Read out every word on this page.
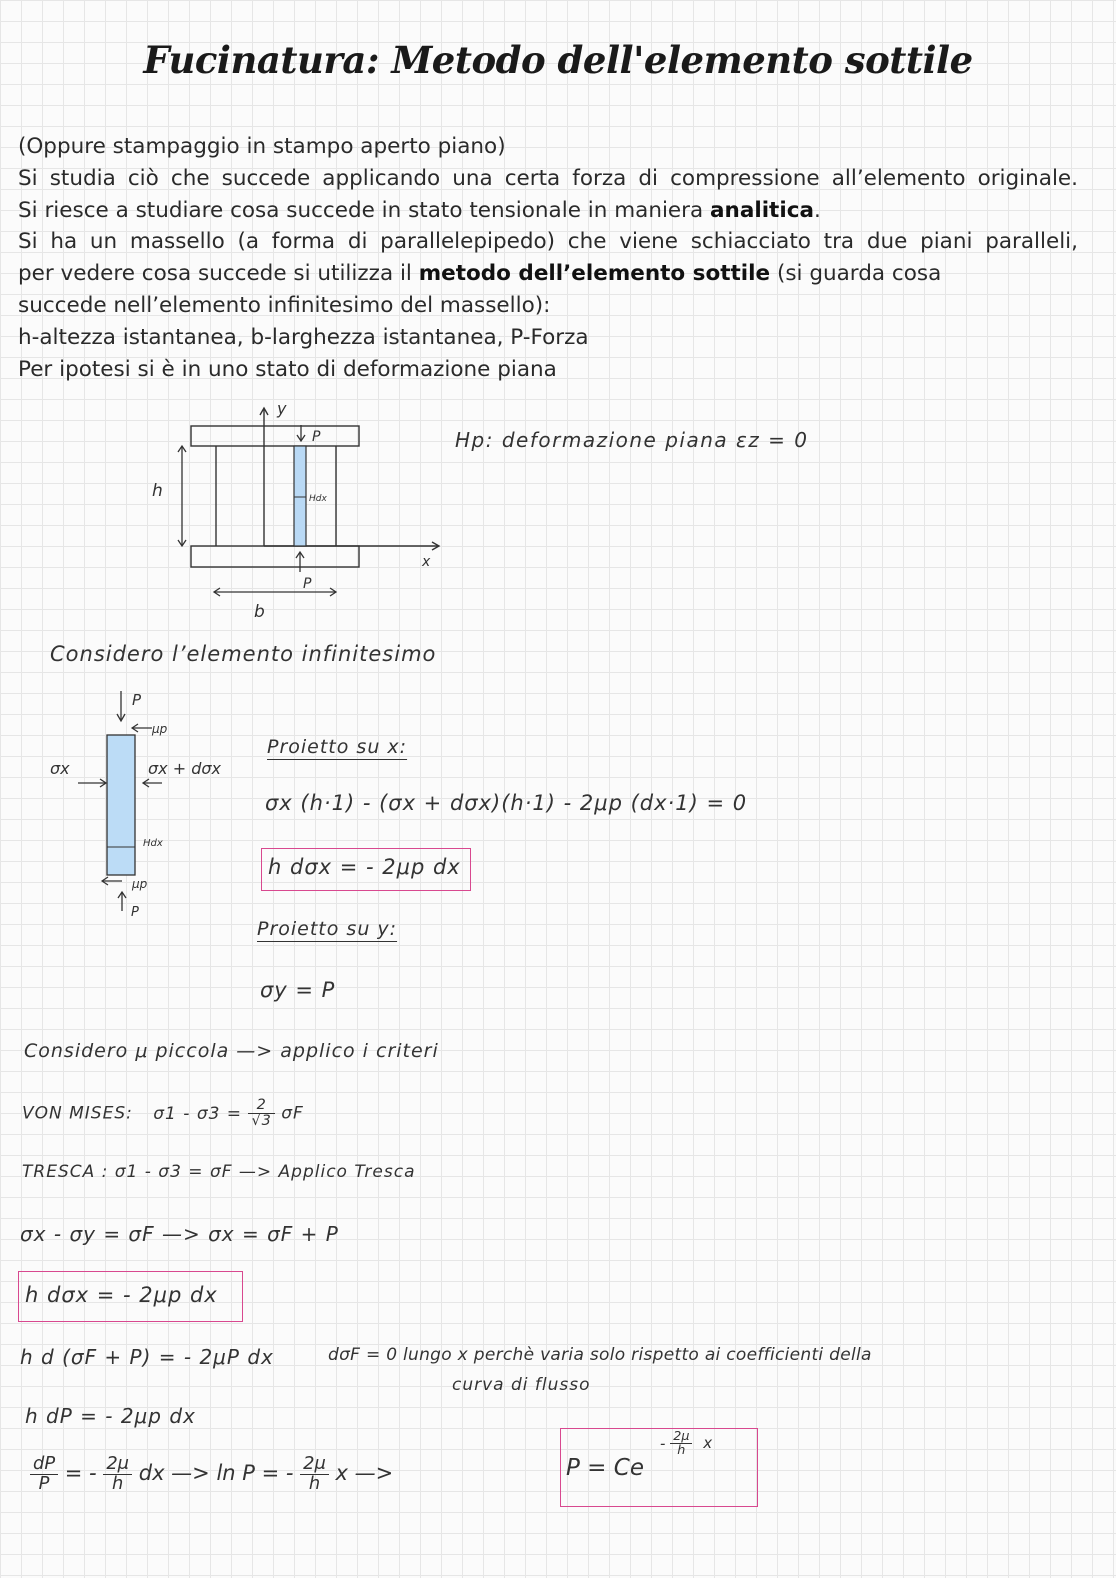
Fucinatura: Metodo dell'elemento sottile

(Oppure stampaggio in stampo aperto piano)

Si studia ciò che succede applicando una certa forza di compressione all’elemento originale.

Si riesce a studiare cosa succede in stato tensionale in maniera analitica.

Si ha un massello (a forma di parallelepipedo) che viene schiacciato tra due piani paralleli,

per vedere cosa succede si utilizza il metodo dell’elemento sottile (si guarda cosa

succede nell’elemento infinitesimo del massello):

h-altezza istantanea, b-larghezza istantanea, P-Forza

Per ipotesi si è in uno stato di deformazione piana

y
x
P
Hdx
P
h
b
Hp: deformazione piana εz = 0
Considero l’elemento infinitesimo
P
μp
σx	σx + dσx
Hdx
μp
P
Proietto su x:
σx (h·1) - (σx + dσx)(h·1) - 2μp (dx·1) = 0
h dσx = - 2μp dx
Proietto su y:
σy = P
Considero μ piccola —> applico i criteri
VON MISES: $\sigma 1 - \sigma 3 = \frac{2}{√3}$ σF
TRESCA : σ1 - σ3 = σF —> Applico Tresca
σx - σy = σF —> σx = σF + P
h dσx = - 2μp dx
h d (σF + P) = - 2μP dx	dσF = 0 lungo x perchè varia solo rispetto ai coefficienti della
curva di flusso
h dP = - 2μp dx
$\frac{dP}{P}$ = - $\frac{2\mu}{h}$ dx —> ln P = - $\frac{2\mu}{h}$ x —>	P = Ce
- $\frac{2\mu}{h}$ x
